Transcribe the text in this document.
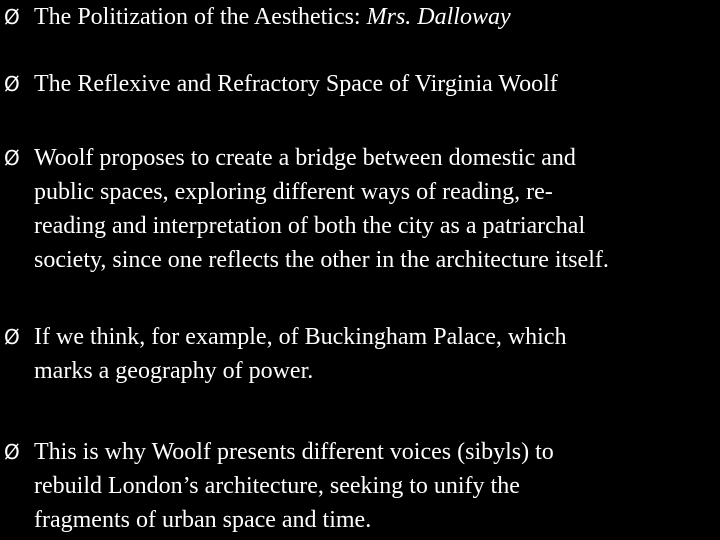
Ø The Politization of the Aesthetics: Mrs. Dalloway
Ø The Reflexive and Refractory Space of Virginia Woolf
Ø Woolf proposes to create a bridge between domestic and
public spaces, exploring different ways of reading, re-
reading and interpretation of both the city as a patriarchal
society, since one reflects the other in the architecture itself.
Ø If we think, for example, of Buckingham Palace, which
marks a geography of power.
Ø This is why Woolf presents different voices (sibyls) to
rebuild London’s architecture, seeking to unify the
fragments of urban space and time.
